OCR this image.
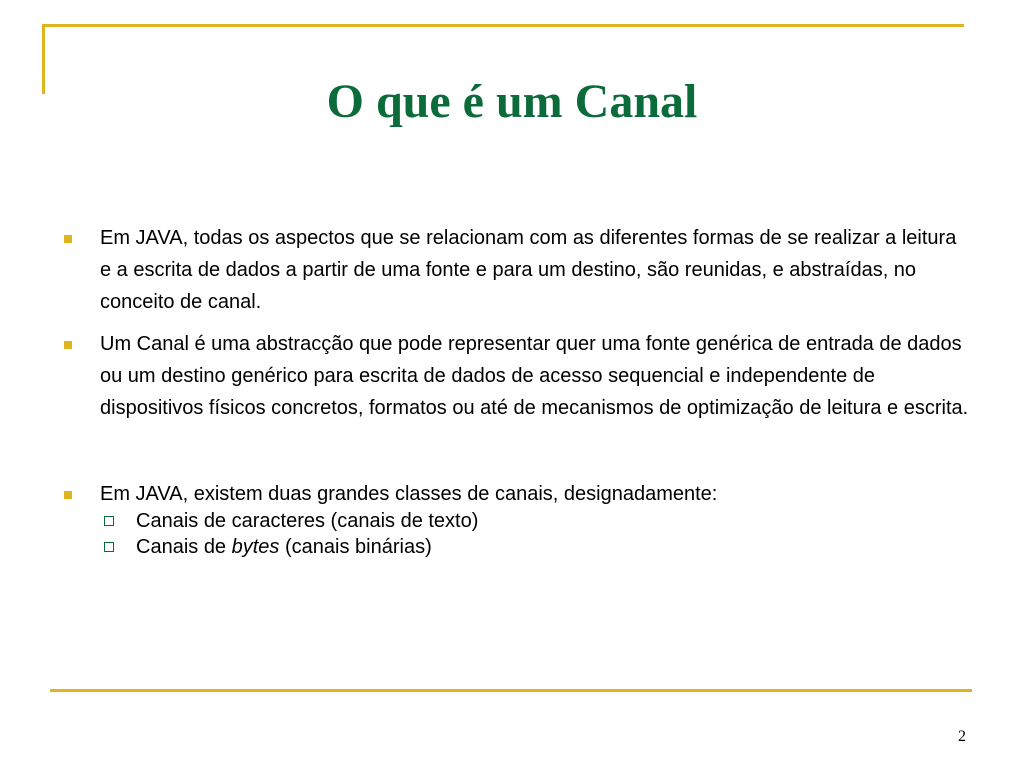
O que é um Canal
Em JAVA, todas os aspectos que se relacionam com as diferentes formas de se realizar a leitura e a escrita de dados a partir de uma fonte e para um destino, são reunidas, e abstraídas, no conceito de canal.
Um Canal é uma abstracção que pode representar quer uma fonte genérica de entrada de dados ou um destino genérico para escrita de dados de acesso sequencial e independente de dispositivos físicos concretos, formatos ou até de mecanismos de optimização de leitura e escrita.
Em JAVA, existem duas grandes classes de canais, designadamente:
Canais de caracteres (canais de texto)
Canais de bytes (canais binárias)
2
